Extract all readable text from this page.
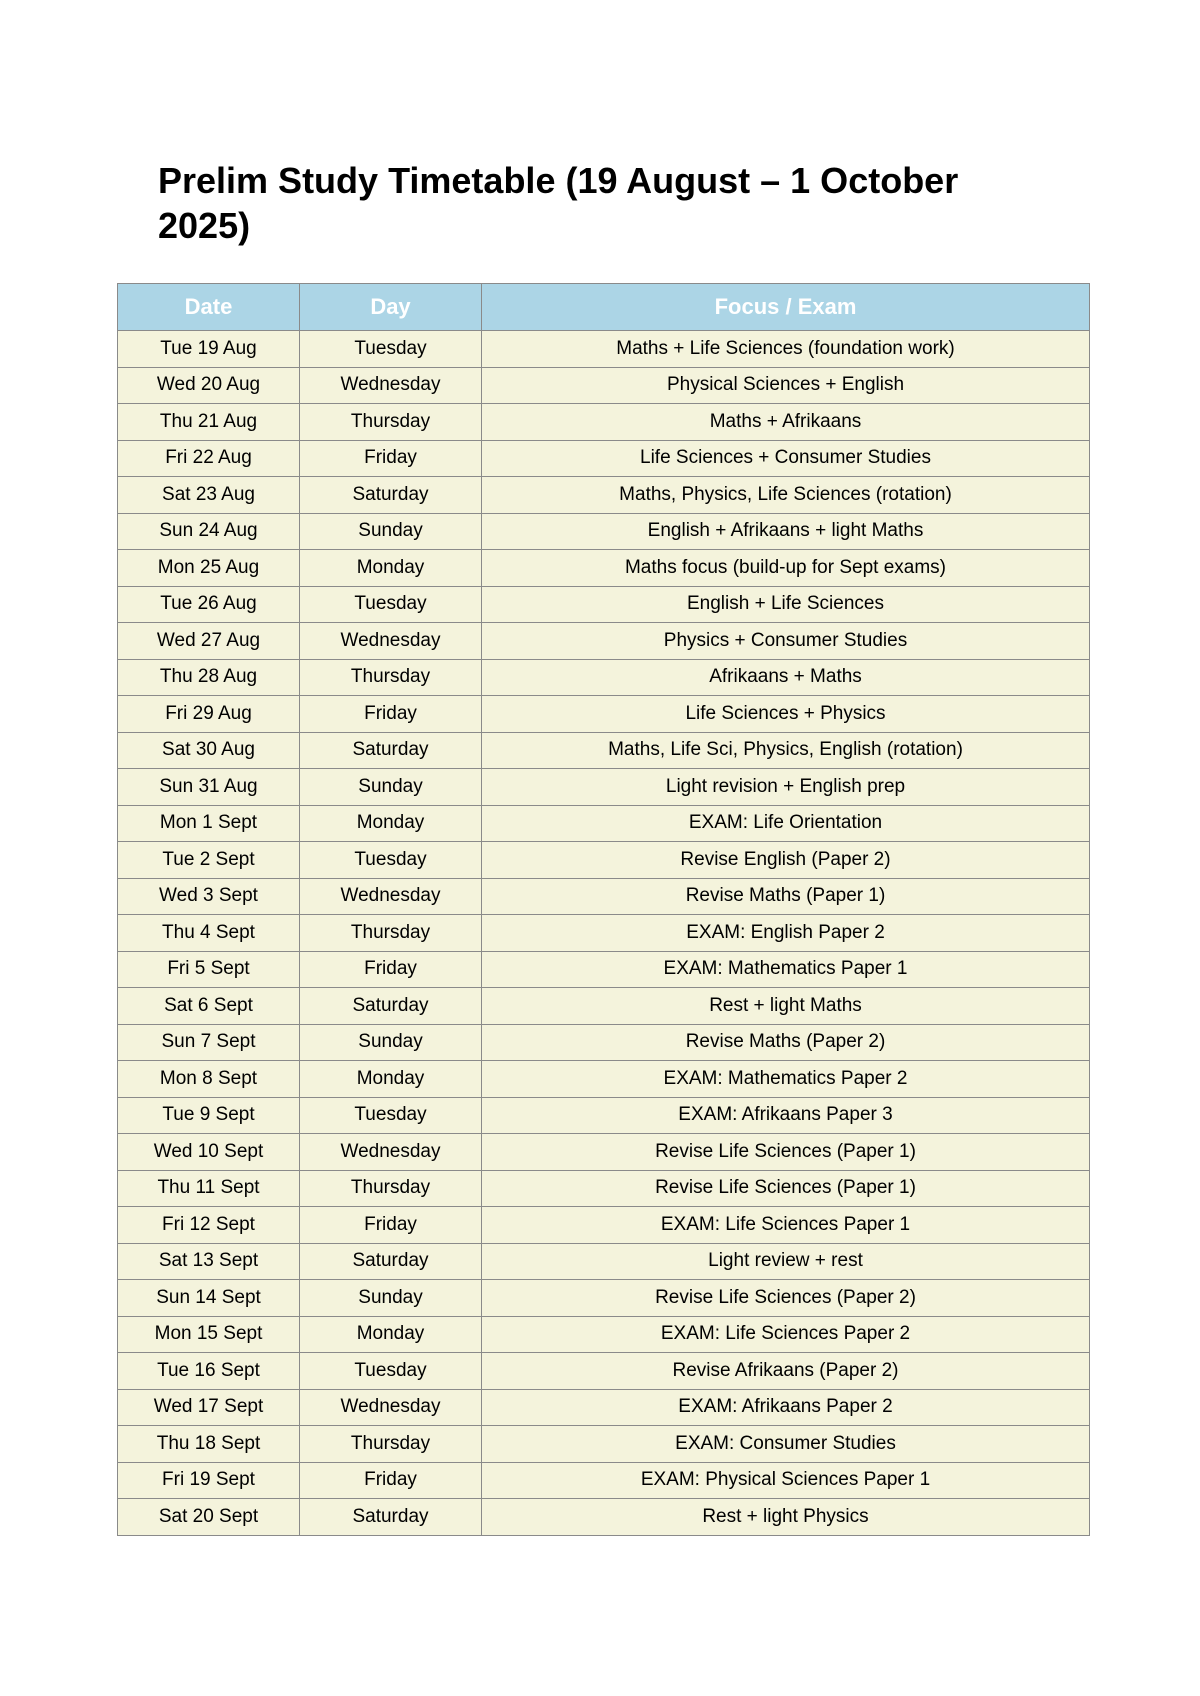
Prelim Study Timetable (19 August – 1 October 2025)
Date	Day	Focus / Exam
Tue 19 Aug	Tuesday	Maths + Life Sciences (foundation work)
Wed 20 Aug	Wednesday	Physical Sciences + English
Thu 21 Aug	Thursday	Maths + Afrikaans
Fri 22 Aug	Friday	Life Sciences + Consumer Studies
Sat 23 Aug	Saturday	Maths, Physics, Life Sciences (rotation)
Sun 24 Aug	Sunday	English + Afrikaans + light Maths
Mon 25 Aug	Monday	Maths focus (build-up for Sept exams)
Tue 26 Aug	Tuesday	English + Life Sciences
Wed 27 Aug	Wednesday	Physics + Consumer Studies
Thu 28 Aug	Thursday	Afrikaans + Maths
Fri 29 Aug	Friday	Life Sciences + Physics
Sat 30 Aug	Saturday	Maths, Life Sci, Physics, English (rotation)
Sun 31 Aug	Sunday	Light revision + English prep
Mon 1 Sept	Monday	EXAM: Life Orientation
Tue 2 Sept	Tuesday	Revise English (Paper 2)
Wed 3 Sept	Wednesday	Revise Maths (Paper 1)
Thu 4 Sept	Thursday	EXAM: English Paper 2
Fri 5 Sept	Friday	EXAM: Mathematics Paper 1
Sat 6 Sept	Saturday	Rest + light Maths
Sun 7 Sept	Sunday	Revise Maths (Paper 2)
Mon 8 Sept	Monday	EXAM: Mathematics Paper 2
Tue 9 Sept	Tuesday	EXAM: Afrikaans Paper 3
Wed 10 Sept	Wednesday	Revise Life Sciences (Paper 1)
Thu 11 Sept	Thursday	Revise Life Sciences (Paper 1)
Fri 12 Sept	Friday	EXAM: Life Sciences Paper 1
Sat 13 Sept	Saturday	Light review + rest
Sun 14 Sept	Sunday	Revise Life Sciences (Paper 2)
Mon 15 Sept	Monday	EXAM: Life Sciences Paper 2
Tue 16 Sept	Tuesday	Revise Afrikaans (Paper 2)
Wed 17 Sept	Wednesday	EXAM: Afrikaans Paper 2
Thu 18 Sept	Thursday	EXAM: Consumer Studies
Fri 19 Sept	Friday	EXAM: Physical Sciences Paper 1
Sat 20 Sept	Saturday	Rest + light Physics
